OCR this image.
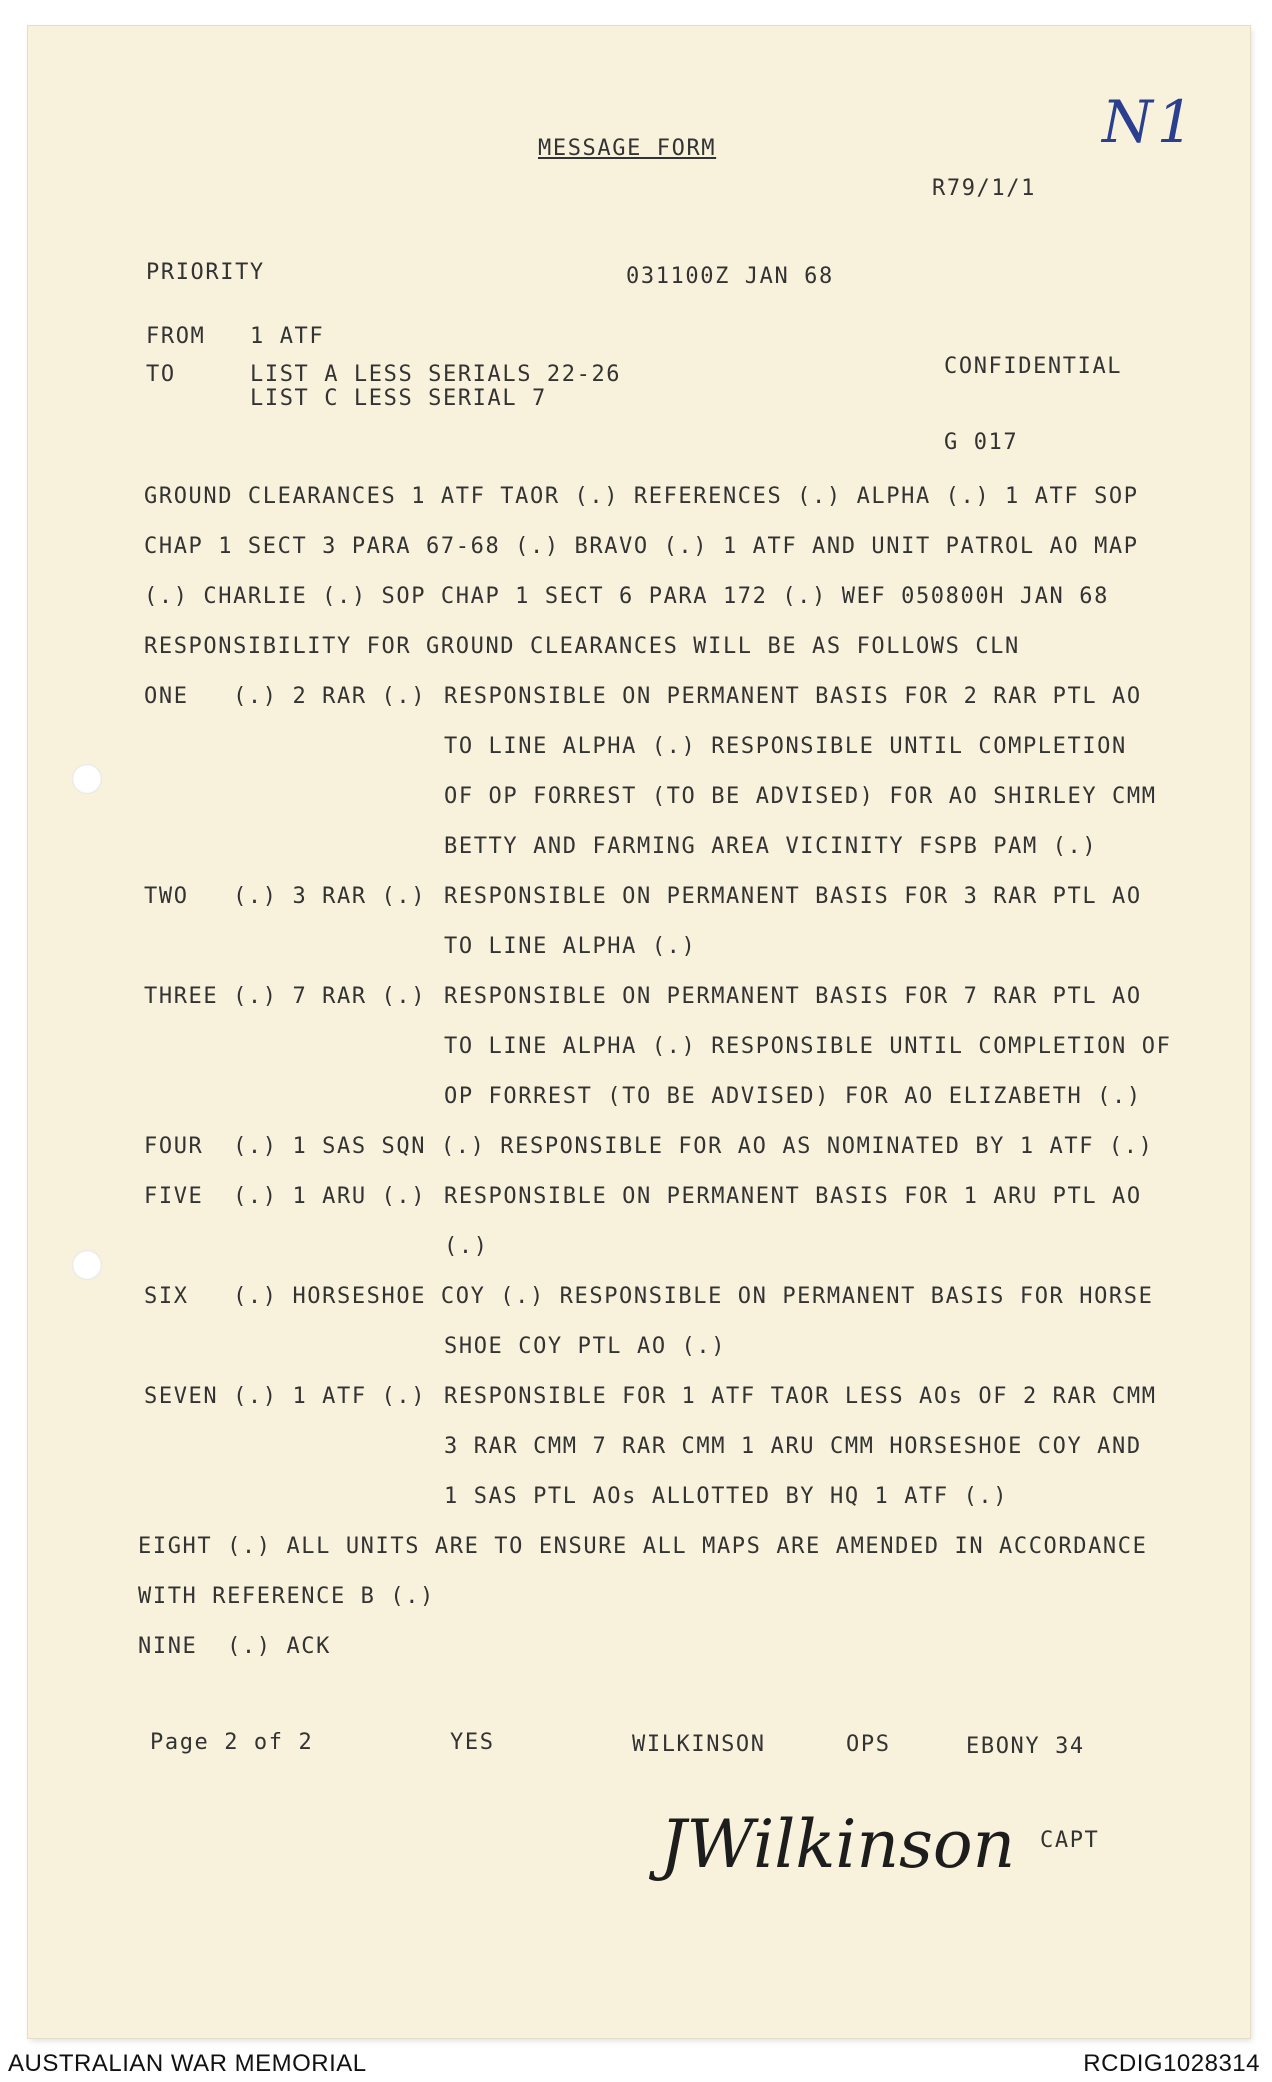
N1
MESSAGE FORM
R79/1/1
PRIORITY	031100Z JAN 68
FROM 1 ATF
TO	LIST A LESS SERIALS 22-26
LIST C LESS SERIAL 7
CONFIDENTIAL
G 017
Page 2 of 2	YES	WILKINSON	OPS	EBONY 34
JWilkinson CAPT
GROUND CLEARANCES 1 ATF TAOR (.) REFERENCES (.) ALPHA (.) 1 ATF SOP
CHAP 1 SECT 3 PARA 67-68 (.) BRAVO (.) 1 ATF AND UNIT PATROL AO MAP
(.) CHARLIE (.) SOP CHAP 1 SECT 6 PARA 172 (.) WEF 050800H JAN 68
RESPONSIBILITY FOR GROUND CLEARANCES WILL BE AS FOLLOWS CLN
ONE   (.) 2 RAR (.) RESPONSIBLE ON PERMANENT BASIS FOR 2 RAR PTL AO
TO LINE ALPHA (.) RESPONSIBLE UNTIL COMPLETION
OF OP FORREST (TO BE ADVISED) FOR AO SHIRLEY CMM
BETTY AND FARMING AREA VICINITY FSPB PAM (.)
TWO   (.) 3 RAR (.) RESPONSIBLE ON PERMANENT BASIS FOR 3 RAR PTL AO
TO LINE ALPHA (.)
THREE (.) 7 RAR (.) RESPONSIBLE ON PERMANENT BASIS FOR 7 RAR PTL AO
TO LINE ALPHA (.) RESPONSIBLE UNTIL COMPLETION OF
OP FORREST (TO BE ADVISED) FOR AO ELIZABETH (.)
FOUR  (.) 1 SAS SQN (.) RESPONSIBLE FOR AO AS NOMINATED BY 1 ATF (.)
FIVE  (.) 1 ARU (.) RESPONSIBLE ON PERMANENT BASIS FOR 1 ARU PTL AO
(.)
SIX   (.) HORSESHOE COY (.) RESPONSIBLE ON PERMANENT BASIS FOR HORSE
SHOE COY PTL AO (.)
SEVEN (.) 1 ATF (.) RESPONSIBLE FOR 1 ATF TAOR LESS AOs OF 2 RAR CMM
3 RAR CMM 7 RAR CMM 1 ARU CMM HORSESHOE COY AND
1 SAS PTL AOs ALLOTTED BY HQ 1 ATF (.)
EIGHT (.) ALL UNITS ARE TO ENSURE ALL MAPS ARE AMENDED IN ACCORDANCE
WITH REFERENCE B (.)
NINE  (.) ACK
AUSTRALIAN WAR MEMORIAL	RCDIG1028314
